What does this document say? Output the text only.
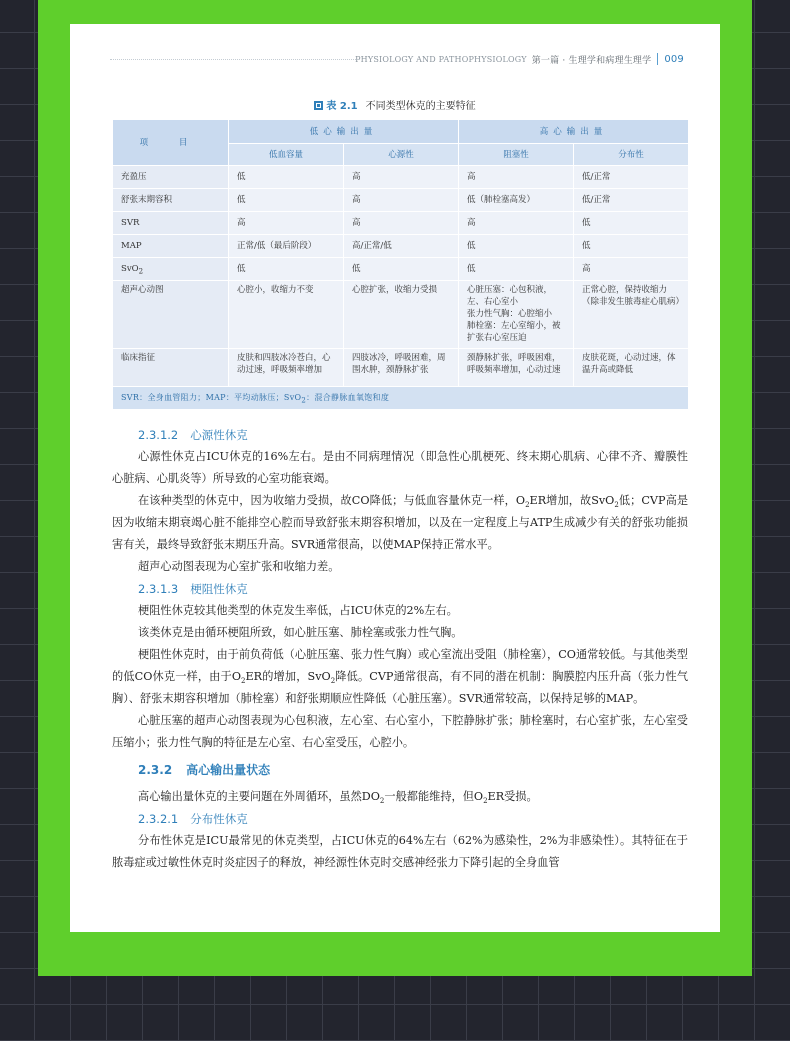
PHYSIOLOGY AND PATHOPHYSIOLOGY 第一篇 · 生理学和病理生理学 009
表 2.1 不同类型休克的主要特征
项 目	低心输出量		高心输出量	
	低血容量	心源性	阻塞性	分布性
充盈压	低	高	高	低/正常
舒张末期容积	低	高	低（肺栓塞高发）	低/正常
SVR	高	高	高	低
MAP	正常/低（最后阶段）	高/正常/低	低	低
SvO$_2$	低	低	低	高
超声心动图	心腔小，收缩力不变	心腔扩张，收缩力受损	心脏压塞：心包积液，左、右心室小
张力性气胸：心腔缩小
肺栓塞：左心室缩小，被扩张右心室压迫	正常心腔，保持收缩力（除非发生脓毒症心肌病）
临床指征	皮肤和四肢冰冷苍白，心动过速，呼吸频率增加	四肢冰冷，呼吸困难，周围水肿，颈静脉扩张	颈静脉扩张，呼吸困难，呼吸频率增加，心动过速	皮肤花斑，心动过速，体温升高或降低
SVR：全身血管阻力；MAP：平均动脉压；SvO$_2$：混合静脉血氧饱和度				
2.3.1.2 心源性休克
心源性休克占ICU休克的16%左右。是由不同病理情况（即急性心肌梗死、终末期心肌病、心律不齐、瓣膜性心脏病、心肌炎等）所导致的心室功能衰竭。
在该种类型的休克中，因为收缩力受损，故CO降低；与低血容量休克一样，$O_2ER$增加，故SvO$_2$低；CVP高是因为收缩末期衰竭心脏不能排空心腔而导致舒张末期容积增加，以及在一定程度上与ATP生成减少有关的舒张功能损害有关，最终导致舒张末期压升高。SVR通常很高，以使MAP保持正常水平。
超声心动图表现为心室扩张和收缩力差。
2.3.1.3 梗阻性休克
梗阻性休克较其他类型的休克发生率低，占ICU休克的2%左右。
该类休克是由循环梗阻所致，如心脏压塞、肺栓塞或张力性气胸。
梗阻性休克时，由于前负荷低（心脏压塞、张力性气胸）或心室流出受阻（肺栓塞），CO通常较低。与其他类型的低CO休克一样，由于$O_2ER$的增加，SvO$_2$降低。CVP通常很高，有不同的潜在机制：胸膜腔内压升高（张力性气胸）、舒张末期容积增加（肺栓塞）和舒张期顺应性降低（心脏压塞）。SVR通常较高，以保持足够的MAP。
心脏压塞的超声心动图表现为心包积液，左心室、右心室小，下腔静脉扩张；肺栓塞时，右心室扩张，左心室受压缩小；张力性气胸的特征是左心室、右心室受压，心腔小。
2.3.2 高心输出量状态
高心输出量休克的主要问题在外周循环，虽然$DO_2$一般都能维持，但$O_2ER$受损。
2.3.2.1 分布性休克
分布性休克是ICU最常见的休克类型，占ICU休克的64%左右（62%为感染性，2%为非感染性）。其特征在于脓毒症或过敏性休克时炎症因子的释放，神经源性休克时交感神经张力下降引起的全身血管
